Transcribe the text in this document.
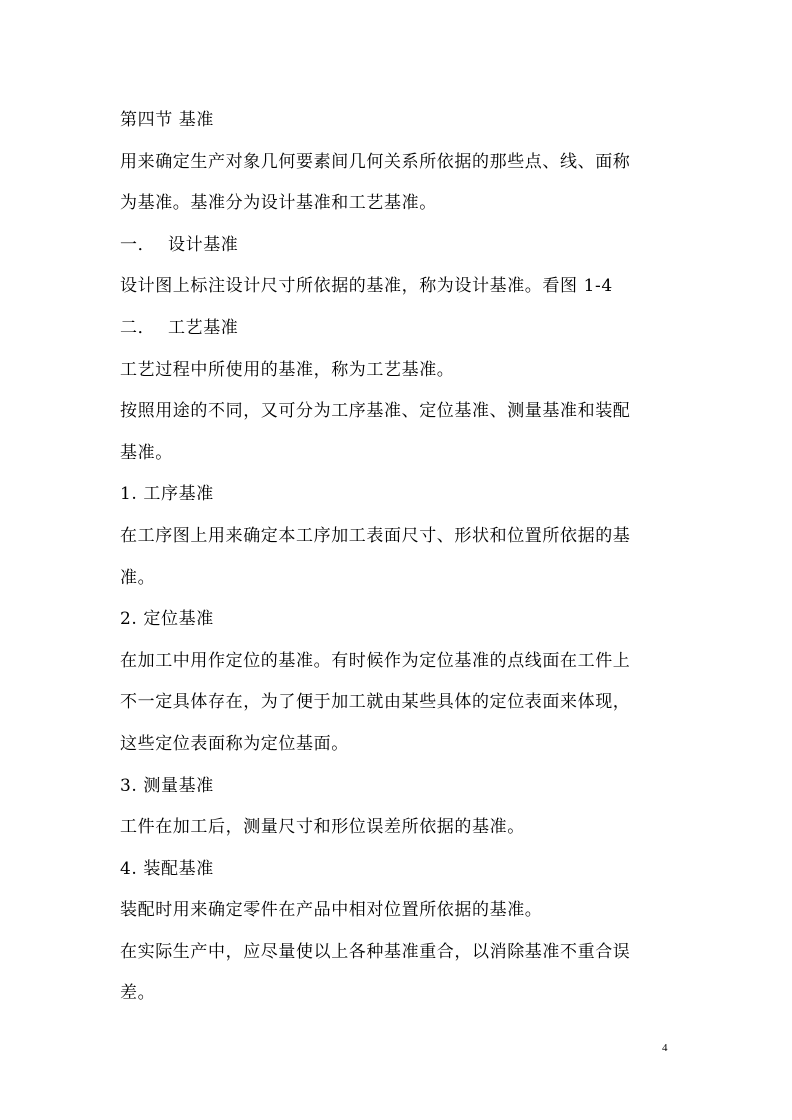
第四节 基准
用来确定生产对象几何要素间几何关系所依据的那些点、线、面称
为基准。基准分为设计基准和工艺基准。
一． 设计基准
设计图上标注设计尺寸所依据的基准，称为设计基准。看图 1-4
二． 工艺基准
工艺过程中所使用的基准，称为工艺基准。
按照用途的不同，又可分为工序基准、定位基准、测量基准和装配
基准。
1. 工序基准
在工序图上用来确定本工序加工表面尺寸、形状和位置所依据的基
准。
2. 定位基准
在加工中用作定位的基准。有时候作为定位基准的点线面在工件上
不一定具体存在，为了便于加工就由某些具体的定位表面来体现，
这些定位表面称为定位基面。
3. 测量基准
工件在加工后，测量尺寸和形位误差所依据的基准。
4. 装配基准
装配时用来确定零件在产品中相对位置所依据的基准。
在实际生产中，应尽量使以上各种基准重合，以消除基准不重合误
差。
4
